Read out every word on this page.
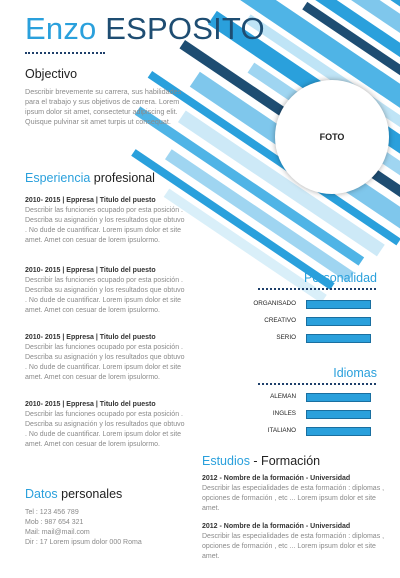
Enzo ESPOSITO
Objectivo
Describir brevemente su carrera, sus habilidades para el trabajo y sus objetivos de carrera. Lorem ipsum dolor sit amet, consectetur adipiscing elit. Quisque pulvinar sit amet turpis ut consequat.
FOTO
Esperiencia profesional
2010- 2015 | Eppresa | Titulo del puesto
Describir las funciones ocupado por esta posición . Describa su asignación y los resultados que obtuvo . No dude de cuantificar. Lorem ipsum dolor et site amet. Amet con cesuar de lorem ipsulormo.
2010- 2015 | Eppresa | Titulo del puesto
Describir las funciones ocupado por esta posición . Describa su asignación y los resultados que obtuvo . No dude de cuantificar. Lorem ipsum dolor et site amet. Amet con cesuar de lorem ipsulormo.
2010- 2015 | Eppresa | Titulo del puesto
Describir las funciones ocupado por esta posición . Describa su asignación y los resultados que obtuvo . No dude de cuantificar. Lorem ipsum dolor et site amet. Amet con cesuar de lorem ipsulormo.
2010- 2015 | Eppresa | Titulo del puesto
Describir las funciones ocupado por esta posición . Describa su asignación y los resultados que obtuvo . No dude de cuantificar. Lorem ipsum dolor et site amet. Amet con cesuar de lorem ipsulormo.
Datos personales
Tel : 123 456 789
Mob : 987 654 321
Mail: mail@mail.com
Dir : 17 Lorem ipsum dolor 000 Roma
Personalidad
ORGANISADO
CREATIVO
SERIO
Idiomas
ALEMAN
INGLES
ITALIANO
Estudios - Formación
2012 - Nombre de la formación - Universidad
Describir las especialidades de esta formación : diplomas , opciones de formación , etc ... Lorem ipsum dolor et site amet.
2012 - Nombre de la formación - Universidad
Describir las especialidades de esta formación : diplomas , opciones de formación , etc ... Lorem ipsum dolor et site amet.
